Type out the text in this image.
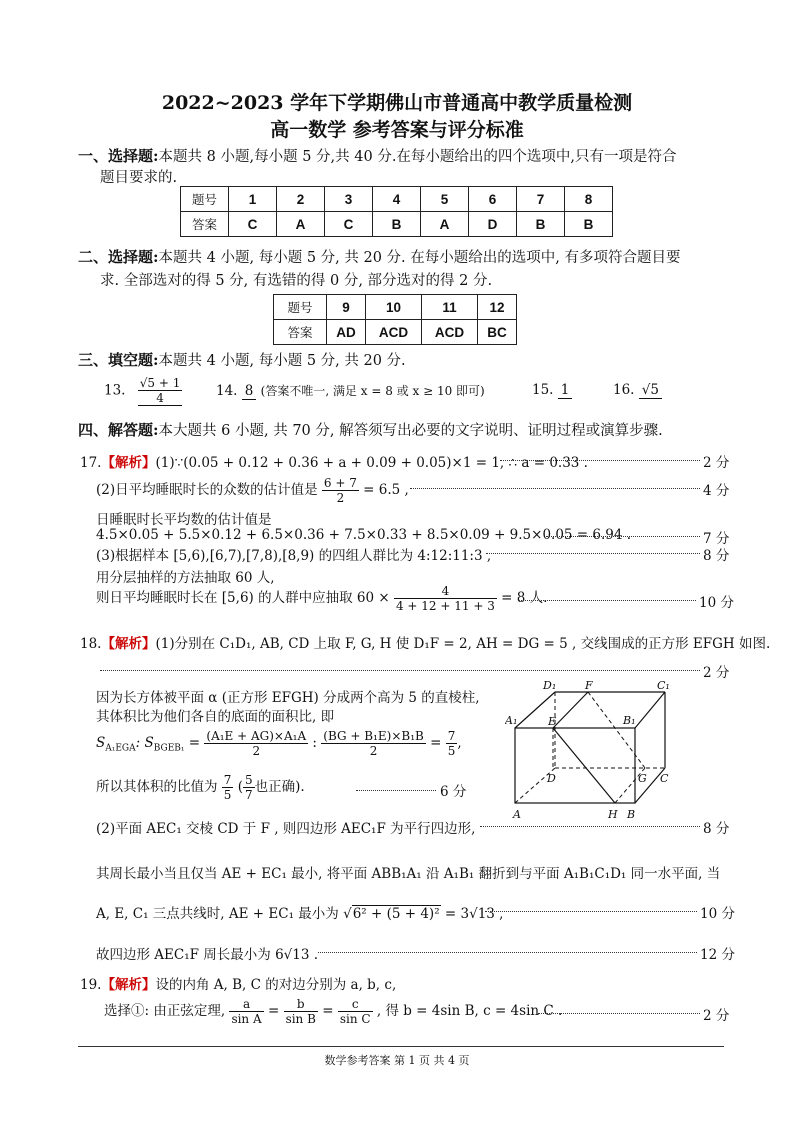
2022~2023 学年下学期佛山市普通高中教学质量检测
高一数学 参考答案与评分标准
一、选择题:本题共 8 小题,每小题 5 分,共 40 分.在每小题给出的四个选项中,只有一项是符合
题目要求的.
题号	1	2	3	4	5	6	7	8
答案	C	A	C	B	A	D	B	B
二、选择题:本题共 4 小题, 每小题 5 分, 共 20 分. 在每小题给出的选项中, 有多项符合题目要
求. 全部选对的得 5 分, 有选错的得 0 分, 部分选对的得 2 分.
题号	9	10	11	12
答案	AD	ACD	ACD	BC
三、填空题:本题共 4 小题, 每小题 5 分, 共 20 分.
13. $\frac{√5 + 1}{4} 14$. 8 (答案不唯一, 满足 x = 8 或 x ≥ 10 即可)	15. 1	16. √5
四、解答题:本大题共 6 小题, 共 70 分, 解答须写出必要的文字说明、证明过程或演算步骤.
17.【解析】(1)∵(0.05 + 0.12 + 0.36 + a + 0.09 + 0.05)×1 = 1, ∴ a = 0.33 .	2 分
(2)日平均睡眠时长的众数的估计值是 $\frac{6 + 7}{2} = 6.5$ ,	4 分
日睡眠时长平均数的估计值是
4.5×0.05 + 5.5×0.12 + 6.5×0.36 + 7.5×0.33 + 8.5×0.09 + 9.5×0.05 = 6.94 .	7 分
(3)根据样本 [5,6),[6,7),[7,8),[8,9) 的四组人群比为 4:12:11:3 ,	8 分
用分层抽样的方法抽取 60 人,
则日平均睡眠时长在 [5,6) 的人群中应抽取 $60 \times \frac{4}{4 + 12 + 11 + 3} = 8$ 人.	10 分
18.【解析】(1)分别在 C₁D₁, AB, CD 上取 F, G, H 使 D₁F = 2, AH = DG = 5 , 交线围成的正方形 EFGH 如图.
2 分
因为长方体被平面 α (正方形 EFGH) 分成两个高为 5 的直棱柱,
其体积比为他们各自的底面的面积比, 即
$S_{A_1EGA}$: $S_{BGEB_1} = \frac{\text{(A₁E + AG)×A₁A}}{2}$ : $\frac{\text{(BG + B₁E)×B₁B}}{2} = \frac{7}{5}$ ,
所以其体积的比值为 $\frac{7}{5}$ ( $\frac{5}{7}$ 也正确).	6 分
(2)平面 AEC₁ 交棱 CD 于 F , 则四边形 AEC₁F 为平行四边形,	8 分
其周长最小当且仅当 AE + EC₁ 最小, 将平面 ABB₁A₁ 沿 A₁B₁ 翻折到与平面 A₁B₁C₁D₁ 同一水平面, 当
A, E, C₁ 三点共线时, AE + EC₁ 最小为 √6² + (5 + 4)² = 3√13 ,	10 分
故四边形 AEC₁F 周长最小为 6√13 .	12 分
D₁	F	C₁
A₁	E	B₁
D	G C
A	H B
19.【解析】设的内角 A, B, C 的对边分别为 a, b, c,
选择①: 由正弦定理, $\frac{a}{\text{sin A}} = \frac{b}{\text{sin B}} = \frac{c}{\text{sin C}}$ , 得 b = 4sin B, c = 4sin C .	2 分
数学参考答案 第 1 页 共 4 页
